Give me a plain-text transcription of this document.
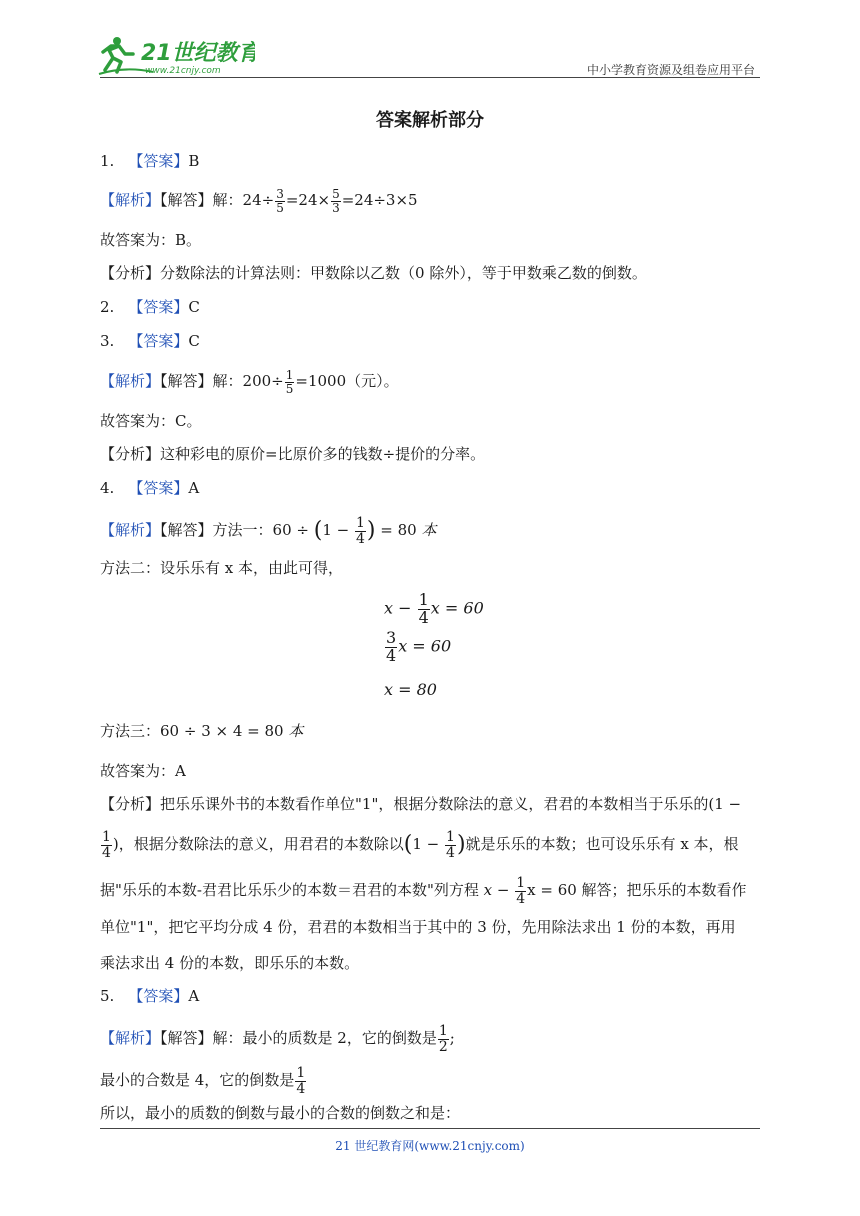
21世纪教育
www.21cnjy.com	中小学教育资源及组卷应用平台
答案解析部分
1. 【答案】B
【解析】【解答】解：$24\div \frac{3}{5} =24\times \frac{5}{3} =24\div 3\times 5$
故答案为：B。
【分析】分数除法的计算法则：甲数除以乙数（0 除外），等于甲数乘乙数的倒数。
2. 【答案】C
3. 【答案】C
【解析】【解答】解：$200\div \frac{1}{5} =1000$（元）。
故答案为：C。
【分析】这种彩电的原价=比原价多的钱数÷提价的分率。
4. 【答案】A
【解析】【解答】方法一：$60 \div (1 - \frac{1}{4}$ ) = 80 本
方法二：设乐乐有 x 本，由此可得，
$x - \frac{1}{4}$ x = 60
$\frac{3}{4}$ x = 60
x = 80
方法三：60 ÷ 3 × 4 = 80 本
故答案为：A
【分析】把乐乐课外书的本数看作单位"1"，根据分数除法的意义，君君的本数相当于乐乐的(1 −
$\frac{1}{4}$ )，根据分数除法的意义，用君君的本数除以($1 - \frac{1}{4}$ )就是乐乐的本数；也可设乐乐有 x 本，根
据"乐乐的本数-君君比乐乐少的本数＝君君的本数"列方程 $x - \frac{1}{4}$ x = 60 解答；把乐乐的本数看作
单位"1"，把它平均分成 4 份，君君的本数相当于其中的 3 份，先用除法求出 1 份的本数，再用
乘法求出 4 份的本数，即乐乐的本数。
5. 【答案】A
【解析】【解答】解：最小的质数是 2，它的倒数是 $\frac{1}{2}$ ;
最小的合数是 4，它的倒数是 $\frac{1}{4}$
所以，最小的质数的倒数与最小的合数的倒数之和是：
21 世纪教育网(www.21cnjy.com)
